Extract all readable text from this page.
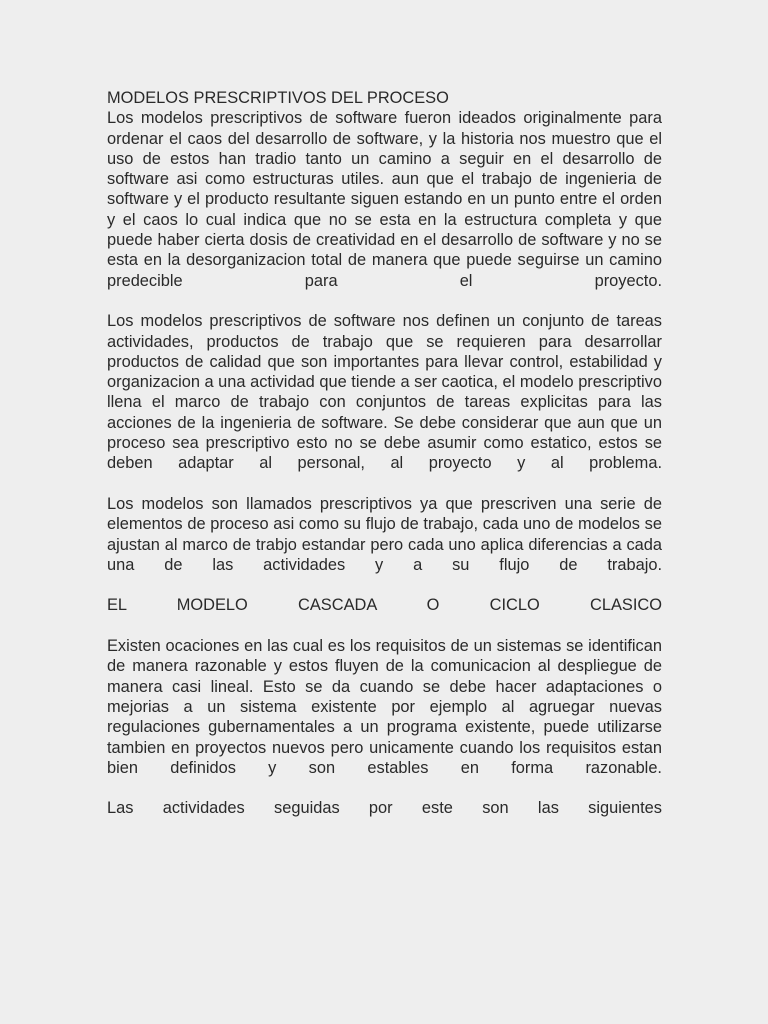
MODELOS PRESCRIPTIVOS DEL PROCESO

Los modelos prescriptivos de software fueron ideados originalmente para ordenar el caos del desarrollo de software, y la historia nos muestro que el uso de estos han tradio tanto un camino a seguir en el desarrollo de software asi como estructuras utiles. aun que el trabajo de ingenieria de software y el producto resultante siguen estando en un punto entre el orden y el caos lo cual indica que no se esta en la estructura completa y que puede haber cierta dosis de creatividad en el desarrollo de software y no se esta en la desorganizacion total de manera que puede seguirse un camino predecible para el proyecto.

Los modelos prescriptivos de software nos definen un conjunto de tareas actividades, productos de trabajo que se requieren para desarrollar productos de calidad que son importantes para llevar control, estabilidad y organizacion a una actividad que tiende a ser caotica, el modelo prescriptivo llena el marco de trabajo con conjuntos de tareas explicitas para las acciones de la ingenieria de software. Se debe considerar que aun que un proceso sea prescriptivo esto no se debe asumir como estatico, estos se deben adaptar al personal, al proyecto y al problema.

Los modelos son llamados prescriptivos ya que prescriven una serie de elementos de proceso asi como su flujo de trabajo, cada uno de modelos se ajustan al marco de trabjo estandar pero cada uno aplica diferencias a cada una de las actividades y a su flujo de trabajo.

EL MODELO CASCADA O CICLO CLASICO

Existen ocaciones en las cual es los requisitos de un sistemas se identifican de manera razonable y estos fluyen de la comunicacion al despliegue de manera casi lineal. Esto se da cuando se debe hacer adaptaciones o mejorias a un sistema existente por ejemplo al agruegar nuevas regulaciones gubernamentales a un programa existente, puede utilizarse tambien en proyectos nuevos pero unicamente cuando los requisitos estan bien definidos y son estables en forma razonable.

Las actividades seguidas por este son las siguientes
